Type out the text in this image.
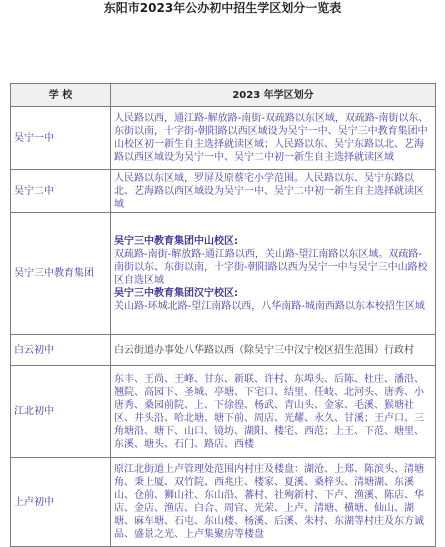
东阳市2023年公办初中招生学区划分一览表
学 校	2023 年学区划分
吴宁一中	人民路以西，通江路-解放路-南街-双疏路以东区域，双疏路-南街以东、东街以南，十字街-朝阳路以西区域设为吴宁一中、吴宁三中教育集团中山校区初一新生自主选择就读区域；人民路以东、吴宁东路以北、艺海路以西区域设为吴宁一中、吴宁二中初一新生自主选择就读区域
吴宁二中	人民路以东区域，罗屏及原蔡宅小学范围。人民路以东、吴宁东路以北、艺海路以西区域设为吴宁一中、吴宁二中初一新生自主选择就读区域
吴宁三中教育集团	吴宁三中教育集团中山校区:
双疏路-南街-解放路-通江路以西，关山路-望江南路以东区域。双疏路-南街以东、东街以南，十字街-朝阳路以西为吴宁一中与吴宁三中山路校区自选区域
吴宁三中教育集团汉宁校区:
关山路-环城北路-望江南路以西，八华南路-城南西路以东本校招生区域
白云初中	白云街道办事处八华路以西（除吴宁三中汉宁校区招生范围）行政村
江北初中	东丰、王尚、王峰、甘东、新联、许村、东埠头、后陈、杜庄、潘沿、翘院、高园下、圣城、亭塘、下宅口、结里、任岐、北河头、唐秀、小唐秀、桑园前院、上、下徐徨、杨武、青山头、金家、毛溪、猴塘社区、井头沿、哈北塘、塘下前、周店、光耀、永久、甘溪；王卢口、三角塘沿、塘下、山口、镜坊、湖阳、楼宅、西范；上王、下范、塘里、东溪、塘头、石门、路店、西楼
上卢初中	原江北街道上卢管理处范围内村庄及楼盘：湖沧、上郑、陈滨头、清塘角、秉上厦、双竹院、西兆庄、楼家、夏溪、桑梓头、清塘湖、东溪山、仓前、狮山社、东山沿、蕃村、社殉新村、下卢、渔溪、陈店、华店、金店、渔店、白合、周官、光荣、上卢、清塘、横塘、仙山、湖塘、麻车塘、石屯、东山楼、杨溪、后溪、朱村、东湖等村庄及东方诚品、盛景之光、上卢集聚房等楼盘
